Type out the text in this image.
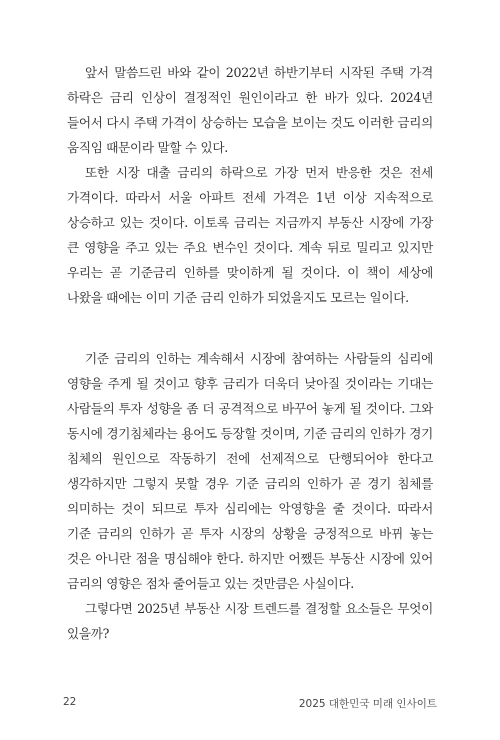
앞서 말씀드린 바와 같이 2022년 하반기부터 시작된 주택 가격 하락은 금리 인상이 결정적인 원인이라고 한 바가 있다. 2024년 들어서 다시 주택 가격이 상승하는 모습을 보이는 것도 이러한 금리의 움직임 때문이라 말할 수 있다.

또한 시장 대출 금리의 하락으로 가장 먼저 반응한 것은 전세 가격이다. 따라서 서울 아파트 전세 가격은 1년 이상 지속적으로 상승하고 있는 것이다. 이토록 금리는 지금까지 부동산 시장에 가장 큰 영향을 주고 있는 주요 변수인 것이다. 계속 뒤로 밀리고 있지만 우리는 곧 기준금리 인하를 맞이하게 될 것이다. 이 책이 세상에 나왔을 때에는 이미 기준 금리 인하가 되었을지도 모르는 일이다.

기준 금리의 인하는 계속해서 시장에 참여하는 사람들의 심리에 영향을 주게 될 것이고 향후 금리가 더욱더 낮아질 것이라는 기대는 사람들의 투자 성향을 좀 더 공격적으로 바꾸어 놓게 될 것이다. 그와 동시에 경기침체라는 용어도 등장할 것이며, 기준 금리의 인하가 경기 침체의 원인으로 작동하기 전에 선제적으로 단행되어야 한다고 생각하지만 그렇지 못할 경우 기준 금리의 인하가 곧 경기 침체를 의미하는 것이 되므로 투자 심리에는 악영향을 줄 것이다. 따라서 기준 금리의 인하가 곧 투자 시장의 상황을 긍정적으로 바뀌 놓는 것은 아니란 점을 명심해야 한다. 하지만 어쨌든 부동산 시장에 있어 금리의 영향은 점차 줄어들고 있는 것만큼은 사실이다.

그렇다면 2025년 부동산 시장 트렌드를 결정할 요소들은 무엇이 있을까?

22	2025 대한민국 미래 인사이트
